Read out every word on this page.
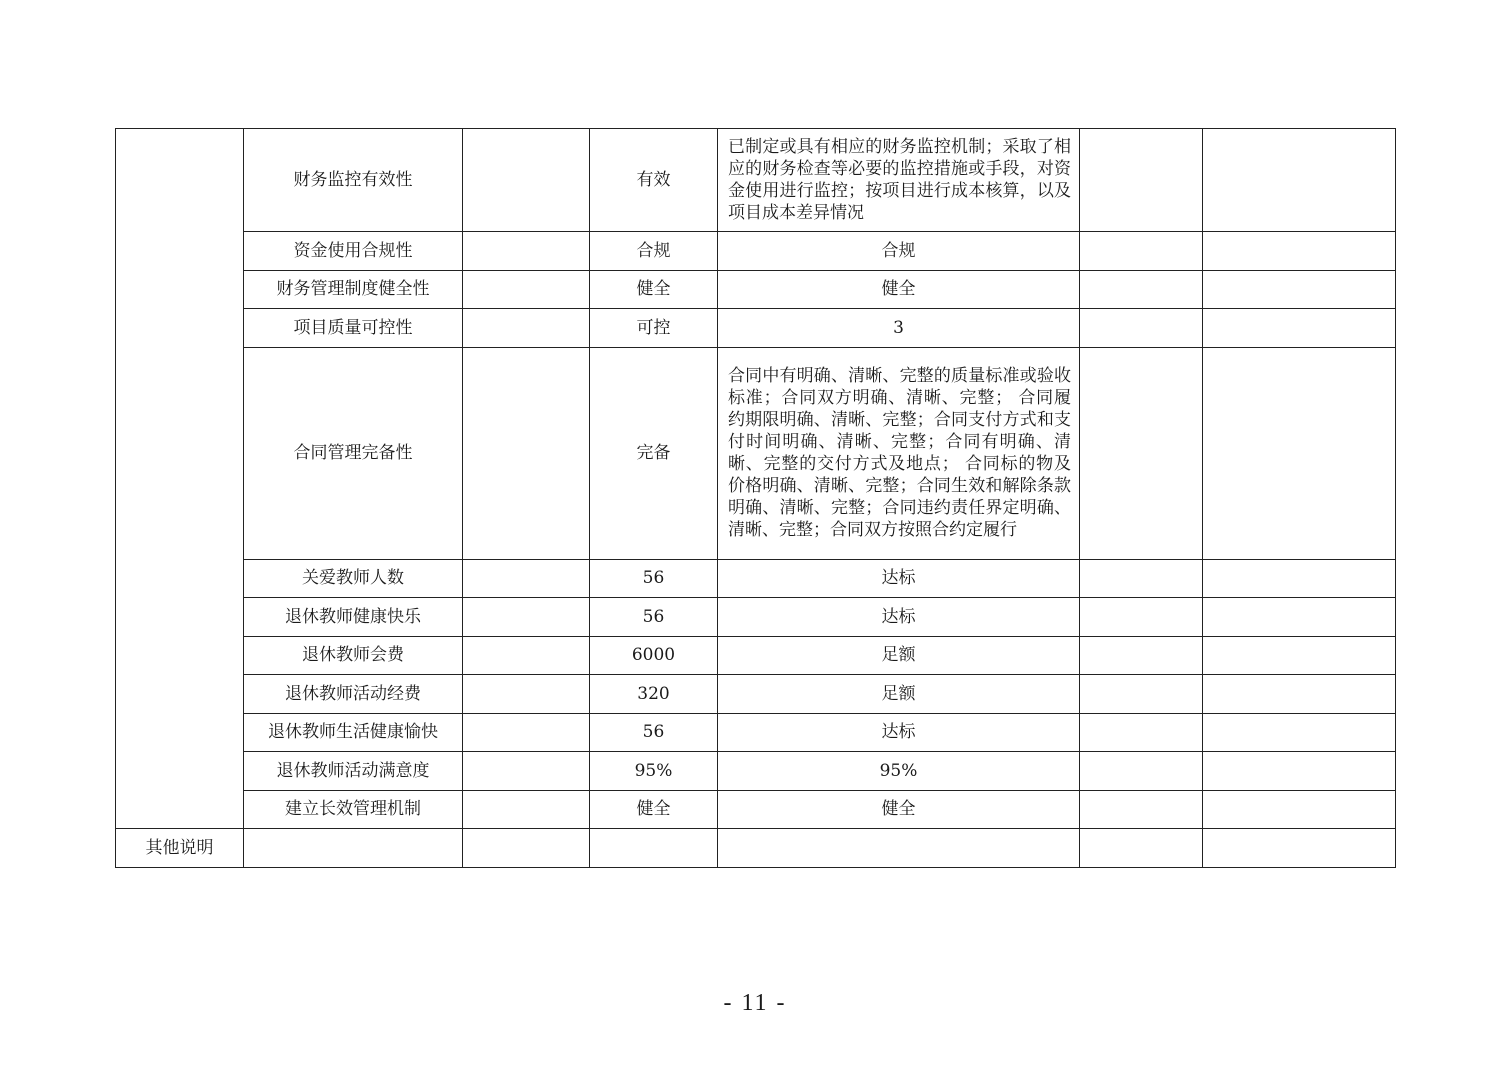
	财务监控有效性		有效	已制定或具有相应的财务监控机制；采取了相应的财务检查等必要的监控措施或手段，对资金使用进行监控；按项目进行成本核算，以及项目成本差异情况		
	资金使用合规性		合规	合规		
	财务管理制度健全性		健全	健全		
	项目质量可控性		可控	3		
	合同管理完备性		完备	合同中有明确、清晰、完整的质量标准或验收标准；合同双方明确、清晰、完整； 合同履约期限明确、清晰、完整；合同支付方式和支付时间明确、清晰、完整；合同有明确、清晰、完整的交付方式及地点； 合同标的物及价格明确、清晰、完整；合同生效和解除条款明确、清晰、完整；合同违约责任界定明确、清晰、完整；合同双方按照合约定履行		
	关爱教师人数		56	达标		
	退休教师健康快乐		56	达标		
	退休教师会费		6000	足额		
	退休教师活动经费		320	足额		
	退休教师生活健康愉快		56	达标		
	退休教师活动满意度		95%	95%		
	建立长效管理机制		健全	健全		
其他说明						
- 11 -
